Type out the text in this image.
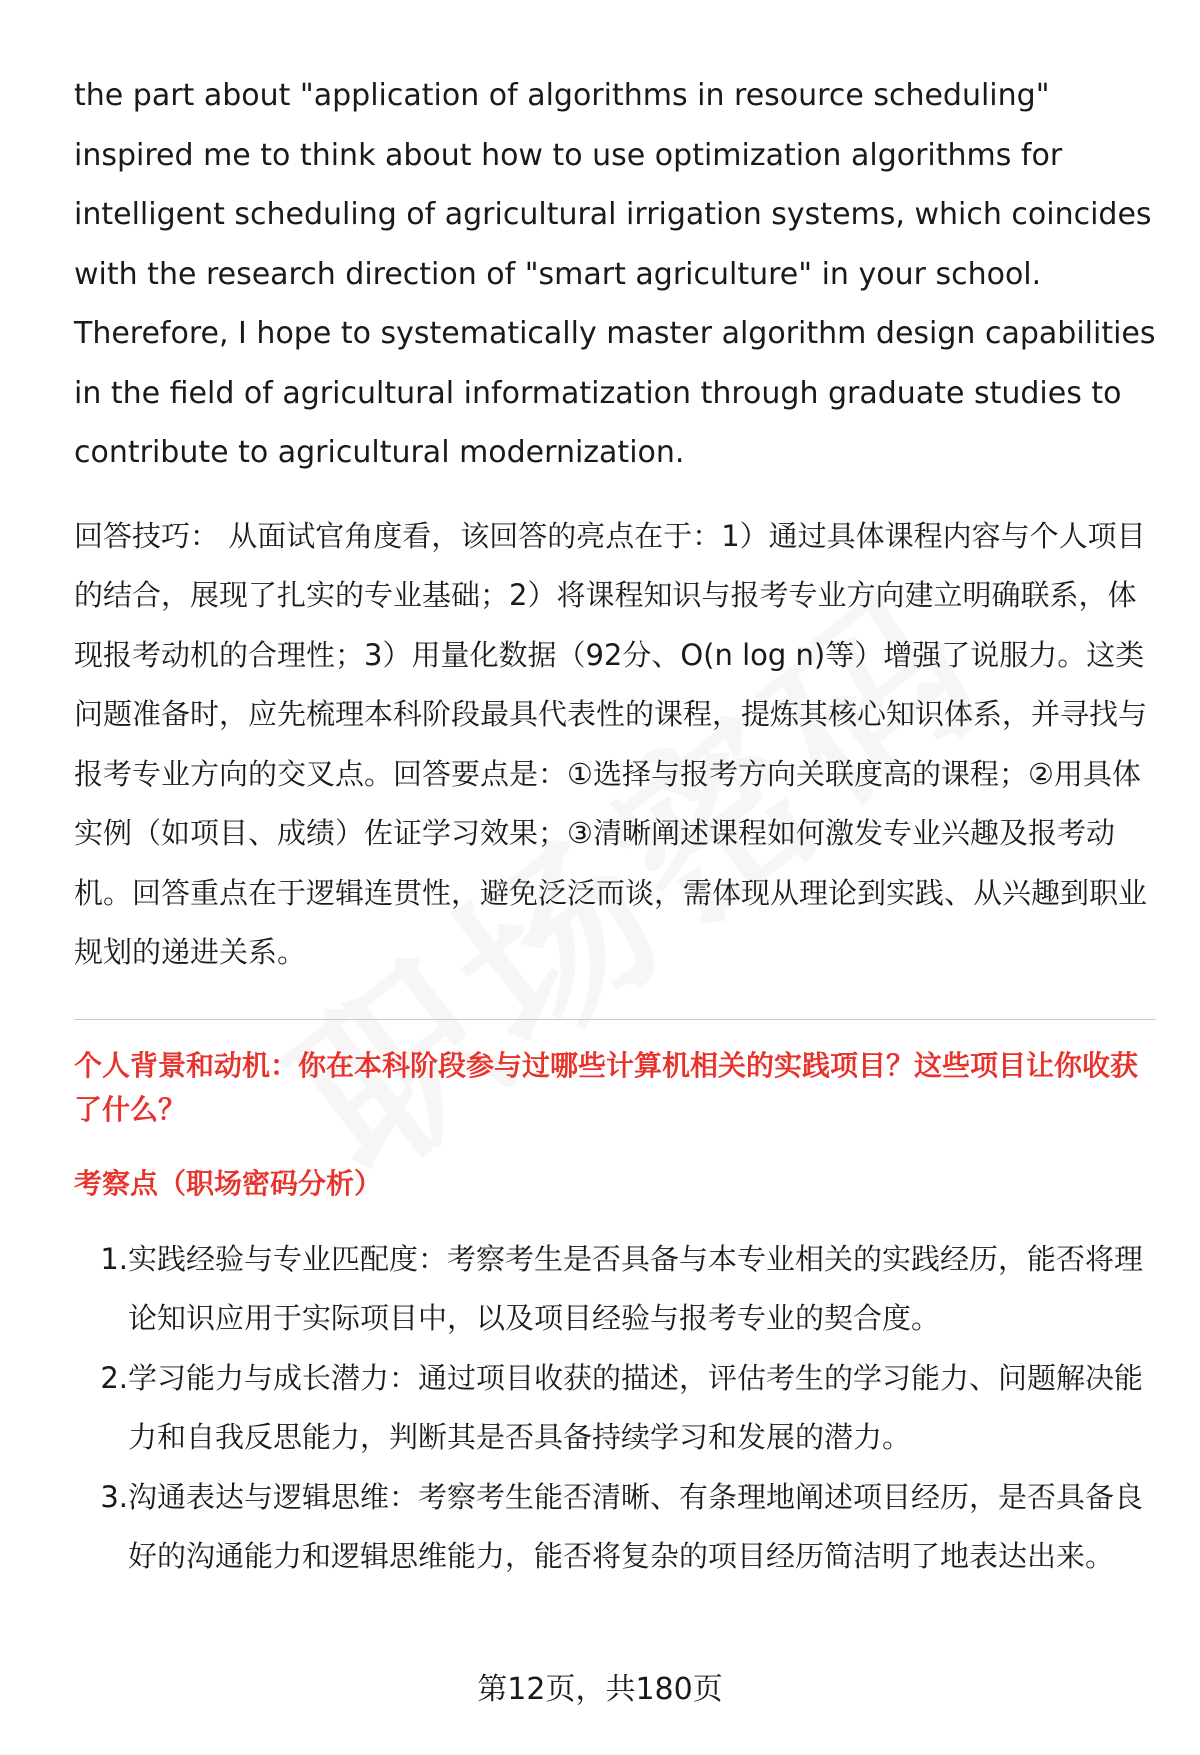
the part about "application of algorithms in resource scheduling" inspired me to think about how to use optimization algorithms for intelligent scheduling of agricultural irrigation systems, which coincides with the research direction of "smart agriculture" in your school. Therefore, I hope to systematically master algorithm design capabilities in the field of agricultural informatization through graduate studies to contribute to agricultural modernization.

回答技巧： 从面试官角度看，该回答的亮点在于：1）通过具体课程内容与个人项目的结合，展现了扎实的专业基础；2）将课程知识与报考专业方向建立明确联系，体现报考动机的合理性；3）用量化数据（92分、O(n log n)等）增强了说服力。这类问题准备时，应先梳理本科阶段最具代表性的课程，提炼其核心知识体系，并寻找与报考专业方向的交叉点。回答要点是：①选择与报考方向关联度高的课程；②用具体实例（如项目、成绩）佐证学习效果；③清晰阐述课程如何激发专业兴趣及报考动机。回答重点在于逻辑连贯性，避免泛泛而谈，需体现从理论到实践、从兴趣到职业规划的递进关系。

个人背景和动机：你在本科阶段参与过哪些计算机相关的实践项目？这些项目让你收获了什么？

考察点（职场密码分析）

1. 实践经验与专业匹配度：考察考生是否具备与本专业相关的实践经历，能否将理论知识应用于实际项目中，以及项目经验与报考专业的契合度。
2. 学习能力与成长潜力：通过项目收获的描述，评估考生的学习能力、问题解决能力和自我反思能力，判断其是否具备持续学习和发展的潜力。
3. 沟通表达与逻辑思维：考察考生能否清晰、有条理地阐述项目经历，是否具备良好的沟通能力和逻辑思维能力，能否将复杂的项目经历简洁明了地表达出来。
第12页，共180页
